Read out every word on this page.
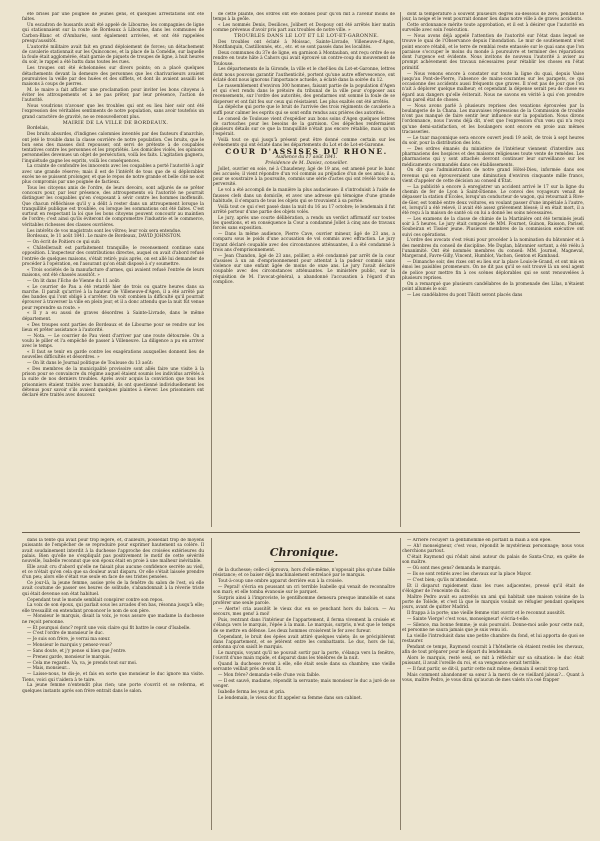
été brisés par une poignée de jeunes gens, et quelques arrestations ont été faites.

Un escadron de hussards avait été appelé de Libourne; les compagnies de ligne qui stationnaient sur la route de Bordeaux à Libourne, dans les communes de Carbon-Blanc et d'Ambarès, sont également arrivées, et ont été rappelées presqu'aussitôt.

L'autorité militaire avait fait en grand déploiement de forces; un détachement de cavalerie stationnait sur les Quinconces, et la place de la Comédie, sur laquelle la foule était agglomérée, était garnie de piquets de troupes de ligne, à huit heures du soir, le rappel a été battu dans toutes les rues.

Les troupes ont été échelonnées sur divers points; on a placé quelques détachements devant la demeure des personnes que les charivariseurs avaient poursuivies la veille par des huées et des sifflets, et dont ils avaient assailli les maisons à coups de pierres.

M. le maire a fait afficher une proclamation pour inviter les bons citoyens à éviter les attroupements et à ne pas prêter, par leur présence, l'action de l'autorité.

Nous voudrions n'avouer que les troubles qui ont eu lieu hier soir ont été l'expression des véritables sentiments de notre population, sans avoir toutefois un grand caractère de gravité, ne se renouvelleront plus.

MAIRIE DE LA VILLE DE BORDEAUX.

Bordelais,

Des bruits absurdes, d'indignes calomnies inventés par des fauteurs d'anarchie, ont jeté le trouble dans la classe ouvrière de notre population. Ces bruits, que le bon sens des masses doit repousser, ont servi de prétexte à de coupables tentatives contre les personnes et les propriétés. Les domiciles violés, les opinions personnelles devenues un objet de persécution, voilà les faits. L'agitation gagnera, l'inquiétude gagne les esprits, voilà les conséquences.

La crainte de confondre les innocents avec les coupables a porté l'autorité à agir avec une grande réserve; mais il est de l'intérêt de tous que de si déplorables excès ne se puissent prolonger, et que le repos de notre grande et belle cité ne soit plus compromis par une poignée de factieux.

Tous les citoyens amis de l'ordre, de leurs devoirs, sont adjurés de se prêter concours pour, par leur présence, des attroupements où l'autorité ne pourrait distinguer les coupables qu'en s'exposant à sévir contre les hommes inoffensifs. Que chacun réfléchisse qu'il y a délit à rester dans un attroupement lorsque la tranquillité publique est troublée, ou lorsque les sommations ont été faites. C'est surtout en respectant la loi que les bons citoyens peuvent concourir au maintien de l'ordre; c'est ainsi qu'ils éviteront de compromettre l'industrie et le commerce, véritables richesses des classes ouvrières.

Les intérêts de vos magistrats sont les vôtres; leur voix sera entendue.

Bordeaux, le 11 août 1841. Le maire de Bordeaux, DAVID JOHNSTON.

— On écrit de Poitiers ce qui suit:

« Châtellerault est parfaitement tranquille; le recensement continue sans opposition. L'inspecteur des contributions directes, auquel on avait d'abord refusé l'entrée de quelques maisons, s'était retiré; puis après, on est allé lui demander de procéder à l'opération, en l'assurant qu'on était disposé à s'y soumettre.

« Trois sociétés de la manufacture d'armes, qui avaient refusé l'entrée de leurs maisons, ont été chassés aussitôt. »

— On lit dans l'Echo de Vienne du 11 août:

« Le courrier de Pau a été retardé hier de trois ou quatre heures dans sa marche. Il paraît qu'arrivé à la hauteur de Villeneuve-d'Agen, il a été arrêté par des bandes qui l'ont obligé à s'arrêter. On voit combien la difficulté qu'il pourrait éprouver à traverser la ville en plein jour, et il a donc attendu que la nuit fût venue pour reprendre sa route. »

« Il y a eu aussi de graves désordres à Sainte-Livrade, dans le même département.

« Des troupes sont parties de Bordeaux et de Libourne pour se rendre sur les lieux et prêter assistance à l'autorité.

— Nota. — Le courrier de Pau vient d'arriver par une route détournée. On a voulu le piller et l'a empêché de passer à Villeneuve. La diligence a pu en arriver avec le temps.

« Il faut se tenir en garde contre les exagérations auxquelles donnent lieu de nouvelles difficultés et désordres. »

— On lit dans le Journal politique de Toulouse du 13 août:

« Des membres de la municipalité provisoire sont allés faire une visite à la prison pour se convaincre du régime auquel étaient soumis les individus arrêtés à la suite de nos derniers troubles. Après avoir acquis la conviction que tous les prisonniers étaient traités avec humanité, ils ont questionné individuellement les détenus pour savoir s'ils avaient quelques plaintes à élever. Les prisonniers ont déclaré être traités avec douceur.

de cette plainte, des ordres ont été donnés pour qu'on mît à l'avenir moins de temps à la geôle.

« Les nommés Denis, Desilices, Jolibert et Dospouy ont été arrêtés hier matin comme prévenus d'avoir pris part aux troubles de notre ville. »

TROUBLES DANS LE LOT ET LE LOT-ET-GARONNE.

Des troubles ont éclaté à Moissac, Sainte-Livrade, Villeneuve-d'Agen, Montflanquin, Castillonnès, etc., etc. et se sont passés dans les localités.

Deux communes du 37e de ligne, en garnison à Montauban, ont reçu ordre de se rendre en toute hâte à Cahors qui avait éprouvé un contre-coup du mouvement de Toulouse.

Les départements de la Gironde, la ville et le chef-lieu du Lot-et-Garonne, lettres dont nous pouvons garantir l'authenticité, portent qu'une autre effervescence, ont éclaté dont nous ignorons l'importance actuelle, a éclaté dans la soirée du 12.

Le rassemblement d'environ 300 hommes, faisant partie de la population d'Agen et qui s'est rendu dans le prétoire du tribunal de la ville pour s'opposer aux recensements, sur l'ordre des autorités, des gendarmes ont sommé la foule de se disperser et ont fait feu sur ceux qui résistaient. Les plus exaltés ont été arrêtés.

La dépêche qui porte que le bruit de l'arrivée des trois régiments de cavalerie a suffi pour calmer les esprits qui se sont enfin rendus aux prières des autorités.

Le conseil de Toulouse vient d'expédier aux bons soins d'Agen quelques lettres de cartouches pour les besoins de la garnison. Ces dépêches renfermaient plusieurs détails sur ce que la tranquillité n'était pas encore rétablie, mais qu'on l'espérait.

Voilà tout ce qui jusqu'à présent peut être donné comme certain sur les événements qui ont éclaté dans les départements du Lot et de Lot-et-Garonne.

COUR D'ASSISES DU RHONE.

Audience du 17 août 1841.

Présidence de M. Daviez, conseiller.

Jollet, ouvrier en soie, né à Chaudeney, âgé de 19 ans, est amené pour le banc des accusés; il vient répondre d'un vol commis au préjudice d'un de ses amis; il a, pour se soustraire à la poursuite, commis une série d'actes qui ont révélé toute sa perversité.

Le vol a été accompli de la manière la plus audacieuse: il s'introduisit à l'aide de fausses clefs dans un domicile, et avec une adresse qui témoigne d'une grande habitude, il s'empara de tous les objets qui se trouvaient à sa portée.

Voilà tout ce qui s'est passé dans la nuit du 16 au 17 octobre; le lendemain il fut arrêté porteur d'une partie des objets volés.

Le jury, après une courte délibération, a rendu un verdict affirmatif sur toutes les questions, et en conséquence la Cour a condamné Jollet à cinq ans de travaux forcés sans exposition.

— Dans la même audience, Pierre Cave, ouvrier mineur, âgé de 23 ans, a comparu sous le poids d'une accusation de vol commis avec effraction. Le jury l'ayant déclaré coupable avec des circonstances atténuantes, il a été condamné à trois ans d'emprisonnement.

— Jean Chandon, âgé de 23 ans, polilier, a été condamné par arrêt de la cour d'assises à un an d'emprisonnement pour attentat à la pudeur commis sans violence sur une enfant âgée de moins de onze ans. Le jury l'avait déclaré coupable avec des circonstances atténuantes. Le ministère public, sur la réquisition de M. l'avocat-général, a abandonné l'accusation à l'égard d'un complice.

dont la température a souvent plusieurs degrés au-dessous de zéro, pendant le jour, la neige et le vent pourrait donner lieu dans notre ville à de graves accidents.

Cette ordonnance mérite toute approbation, et il est à désirer que l'autorité en surveille avec soin l'exécution.

— Nous avons déjà appelé l'attention de l'autorité sur l'état dans lequel se trouve le quai de l'Observance depuis l'inondation. Le mur de soutènement n'est point encore rétabli, et le terre de remblai reste entassée sur le quai sans que l'on paraisse s'occuper le moins du monde à poursuivre et terminer des réparations dont l'urgence est évidente. Nous invitons de nouveau l'autorité à aviser au prompt achèvement des travaux nécessaires pour rétablir les choses en l'état primitif.

— Nous venons encore à constater sur toute la ligne du quai, depuis Vaise jusqu'au Pont-de-Pierre, l'absence de mains-courantes sur les parapets, ce qui occasionne des accidents aussi fréquents que graves. Il n'est pas de jour que l'on n'ait à déplorer quelque malheur; et cependant la dépense serait peu de chose eu égard aux dangers qu'elle éviterait. Nous ne savons en vérité à qui s'en prendre d'un pareil état de choses.

— Nous avons parlé à plusieurs reprises des vexations éprouvées par la boulangerie de la Chana. Les mauvaises répressions de la Commission de trouble n'ont pas manqué de faire sentir leur influence sur la population. Nous dirons l'ordonnance, nous l'avons déjà dit, n'est que l'expression d'un vœu qui n'a reçu qu'une demi-satisfaction, et les boulangers sont encore en proie aux mêmes tracasseries.

— Le tuar maçonnique sera encore ouvert jeudi 19 août, de trois à sept heures du soir, pour la distribution des lots.

— Des ordres émanés du ministère de l'intérieur viennent d'interdire aux pharmaciens des hospices et des maisons religieuses toute vente de remèdes. Les pharmaciens qui y sont attachés devront continuer leur surveillance sur les médicaments commandés dans ces établissements.

On dit que l'administration de notre grand Hôtel-Dieu, informée dans ses revenus qui en éprouveraient une diminution d'environ cinquante mille francs, vient d'appeler de cette décision au conseil d'État.

— La publicité a encore à enregistrer un accident arrivé le 17 sur la ligne du chemin de fer de Lyon à Saint-Étienne. Le convoi des voyageurs venait de dépasser la station d'Ecoles, lorsqu'un conducteur de wagon, qui retournait à Rive-de-Gier, est tombé entre deux voitures, en voulant passer d'une impériale à l'autre, et, lorsqu'il a été relevé, il avait été assez grièvement blessé; il en était mort, il a été reçu à la maison de santé où on lui a donné les soins nécessaires.

— Les examens de la classe de chimie de la Martinière ont été terminés jeudi soir à 5 heures. Le jury était composé de MM. Fournet, Guinon, Raisson, Parisel, Soubeiran et Tissier jeune. Plusieurs membres de la commission exécutive ont suivi ces opérations.

L'ordre des avocats s'est réuni pour procéder à la nomination du bâtonnier et à des membres du conseil de discipline. Me Duplan, bâtonnier sortant, a été réélu à l'unanimité. Ont été nommés membres du conseil: MM. Journel, Magneval, Margerand, Favre-Gilly, Vincent, Humblot, Vachon, Genton et Rambaud.

— Dimanche soir, des rixes ont eu lieu sur la place Louis-le-Grand, et ont mis en émoi les paisibles promeneurs. On ne dit pas qu'il se soit trouvé là un seul agent de police pour mettre fin à ces scènes déplorables qui se sont renouvelées à plusieurs reprises.

On a remarqué que plusieurs candélabres de la promenade des Lilas, n'étaient point allumés le soir.

— Les candélabres du pont Tilsitt seront placés dans

dans la tente qui avait pour trop légère, et, d'ailleurs, possédait trop de moyens puissants de l'empêcher de se reproduire pour exprimer hautement sa colère. Il avait soudainement interdit à la duchesse l'approche des croisées extérieures du palais. Bien qu'elle ne s'expliquât pas positivement le motif de cette sévérité nouvelle, Isabelle reconnut que son époux était en proie à une malheur inévitable.

Elle avait cru d'abord qu'elle ne faisait plus aucune confidence secrète au vieil, et ce n'était qu'en cela que sa douleur avait disparu. Or elle s'était laissée prendre d'un peu; alors elle s'était vue seule en face de ses tristes pensées.

Ce jour-là, la jeune femme, assise près de la fenêtre du salon de l'est, où elle avait coutume de passer ses heures de solitude, s'abandonnait à la réverie triste qui était devenue son état habituel.

Cependant tout le monde semblait conspirer contre son repos.

La voix de son époux, qui parlait sous les arcades d'en bas, résonna jusqu'à elle; elle tressaillit en entendant prononcer le nom de son père.

— Monsieur le marquis, disait la voix, je vous assure que madame la duchesse ne reçoit personne.

— Et pourquoi donc? reprit une voix claire qui fit battre le cœur d'Isabelle.

— C'est l'ordre de monsieur le duc.

— Je suis son frère, je verrai ma sœur.

— Monsieur le marquis y pensez-vous?

— Sans doute, et j'y pense si bien que j'entre.

— Prenez garde, monsieur le marquis.

— Cela me regarde. Va, va, je prends tout sur moi.

— Mais, monsieur...

— Laisse-nous, te dis-je, et fais en sorte que monsieur le duc ignore ma visite. Tiens, voici qui t'aidera à te taire.

La jeune femme n'entendit plus rien; une porte s'ouvrit et se referma, et quelques instants après son frère entrait dans le salon.

Chronique.

de la duchesse; celle-ci éprouva, hors d'elle-même, n'opposait plus qu'une faible résistance; et ce baiser déjà machinalement entrelacé par le marquis.

Tout-à-coup une ombre apparut derrière eux à la croisée.

— Pepral! s'écria en poussant un cri terrible Isabelle qui venait de reconnaître son mari; et elle tomba évanouie sur le parquet.

Surpris ainsi à l'improviste, le gentilhomme demeura presque immobile et sans proférer une seule parole.

— Alerte! cria aussitôt le vieux duc en se penchant hors du balcon. — Au secours, mes gens! à moi!

Puis, rentrant dans l'intérieur de l'appartement, il ferma vivement la croisée et s'élança vers le marquis, l'épée à la main. Le marquis, surpris, n'eut que le temps de se mettre en défense. Les deux hommes croisèrent le fer avec fureur.

Cependant, le bruit des épées avait attiré quelques valets; ils se précipitèrent dans l'appartement, et se jetèrent entre les combattants. Le duc, hors de lui, ordonna qu'on saisît le marquis.

Le marquis, voyant qu'il ne pouvait sortir par la porte, s'élança vers la fenêtre, l'ouvrit d'une main rapide, et disparut dans les ténèbres de la nuit.

Quand la duchesse revint à elle, elle était seule dans sa chambre; une vieille servante veillait près de son lit.

— Mon frère? demanda-t-elle d'une voix faible.

— Il est sauvé, madame, répondit la servante; mais monsieur le duc a juré de se venger.

Isabelle ferma les yeux et pria.

Le lendemain, le vieux duc fit appeler sa femme dans son cabinet.

— Arrière l'écuyer! la gentilhomme en portant la main à son épée.

— Ah! monseigneur, c'est vous, répondit le mystérieux personnage; nous vous cherchions partout.

C'était Raymond qui rôdait ainsi autour du palais de Santa-Cruz, en quête de son maître.

— Où sont mes gens? demanda le marquis.

— Ils se sont retirés avec les chevaux sur la place Mayor.

— C'est bien; qu'ils m'attendent.

Et il disparut rapidement dans les rues adjacentes, pressé qu'il était de s'éloigner de l'enceinte du duc.

Maître Pedro avait eu autrefois un ami qui habitait une maison voisine de la porte de Tolède, et c'est là que le marquis voulait se réfugier pendant quelques jours, avant de quitter Madrid.

Il frappa à la porte; une vieille femme vint ouvrir et le reconnut aussitôt.

— Sainte Vierge! c'est vous, monseigneur! s'écria-t-elle.

— Silence, ma bonne femme; je suis poursuivi. Donne-moi asile pour cette nuit, et personne ne saura jamais que je suis venu ici.

La vieille l'introduisit dans une petite chambre du fond, et lui apporta de quoi se restaurer.

Pendant ce temps, Raymond courait à l'hôtellerie où étaient restés les chevaux, afin de tout préparer pour le départ du lendemain.

Alors le marquis, resté seul, se mit à réfléchir sur sa situation: le duc était puissant, il avait l'oreille du roi, et sa vengeance serait terrible.

— Il faut partir, se dit-il, partir cette nuit même; demain il serait trop tard.

Mais comment abandonner sa sœur à la merci de ce vieillard jaloux?... Quant à vous, maître Pedro, je vous dirai qu'aucun de mes valets n'a osé frapper
